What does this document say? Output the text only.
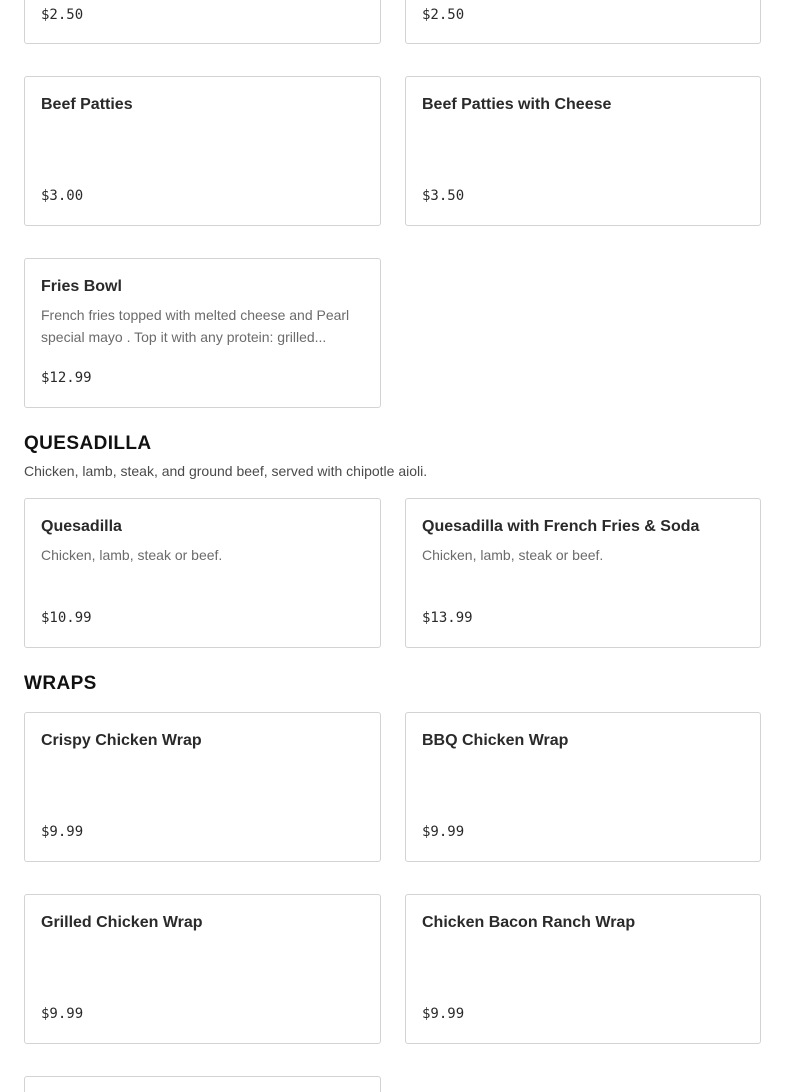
$2.50	$2.50
Beef Patties
$3.00
Beef Patties with Cheese
$3.50
Fries Bowl
French fries topped with melted cheese and Pearl special mayo . Top it with any protein: grilled...
$12.99
QUESADILLA
Chicken, lamb, steak, and ground beef, served with chipotle aioli.
Quesadilla
Chicken, lamb, steak or beef.
$10.99
Quesadilla with French Fries & Soda
Chicken, lamb, steak or beef.
$13.99
WRAPS
Crispy Chicken Wrap
$9.99
BBQ Chicken Wrap
$9.99
Grilled Chicken Wrap
$9.99
Chicken Bacon Ranch Wrap
$9.99
